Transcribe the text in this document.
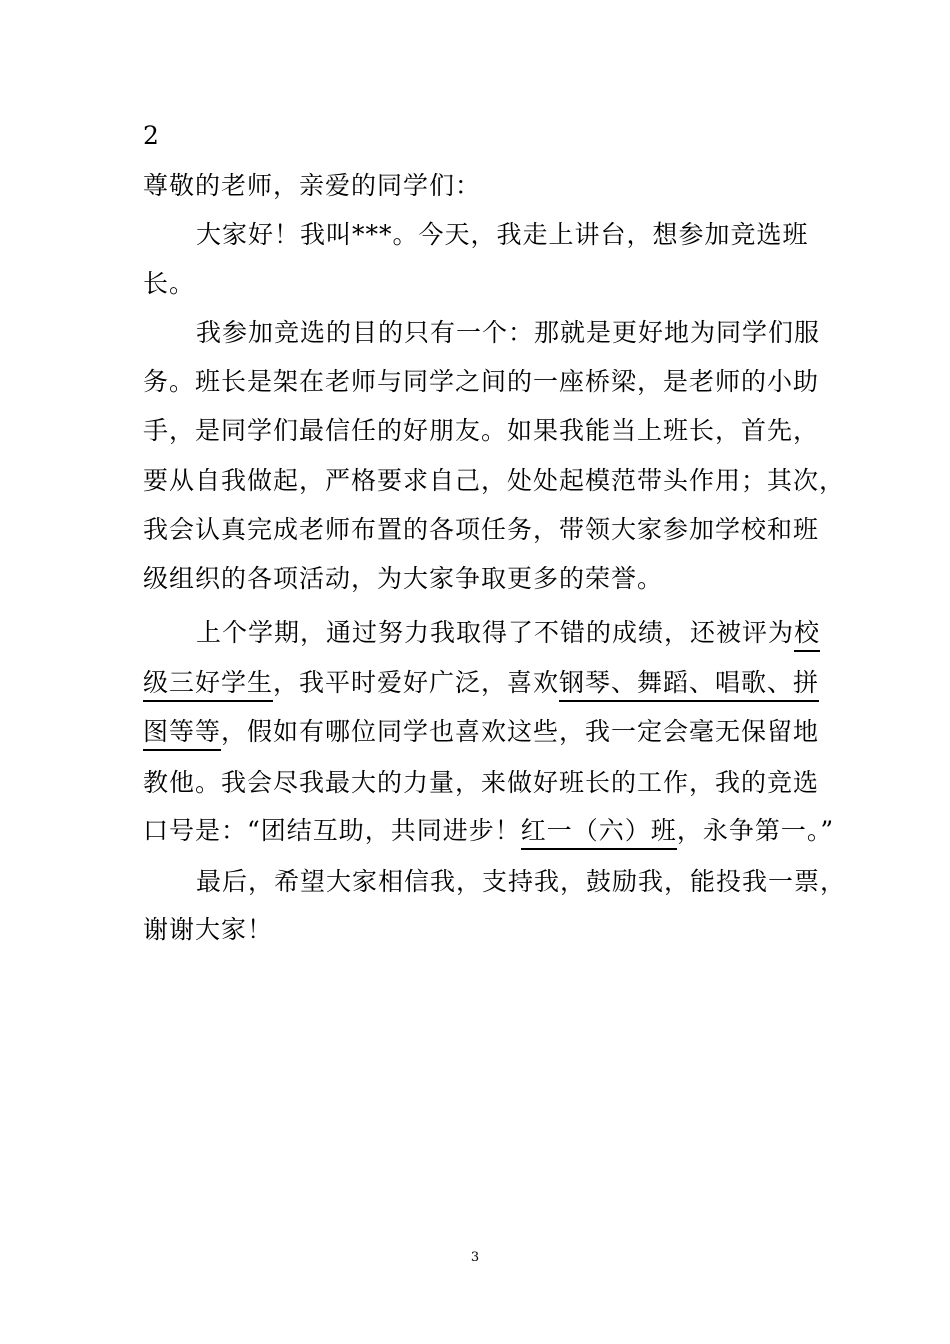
2
尊敬的老师，亲爱的同学们：
大家好！我叫***。今天，我走上讲台，想参加竞选班
长。
我参加竞选的目的只有一个：那就是更好地为同学们服
务。班长是架在老师与同学之间的一座桥梁，是老师的小助
手，是同学们最信任的好朋友。如果我能当上班长，首先，
要从自我做起，严格要求自己，处处起模范带头作用；其次，
我会认真完成老师布置的各项任务，带领大家参加学校和班
级组织的各项活动，为大家争取更多的荣誉。
上个学期，通过努力我取得了不错的成绩，还被评为校
级三好学生，我平时爱好广泛，喜欢钢琴、舞蹈、唱歌、拼
图等等，假如有哪位同学也喜欢这些，我一定会毫无保留地
教他。我会尽我最大的力量，来做好班长的工作，我的竞选
口号是：“团结互助，共同进步！红一（六）班，永争第一。”
最后，希望大家相信我，支持我，鼓励我，能投我一票，
谢谢大家！
3
